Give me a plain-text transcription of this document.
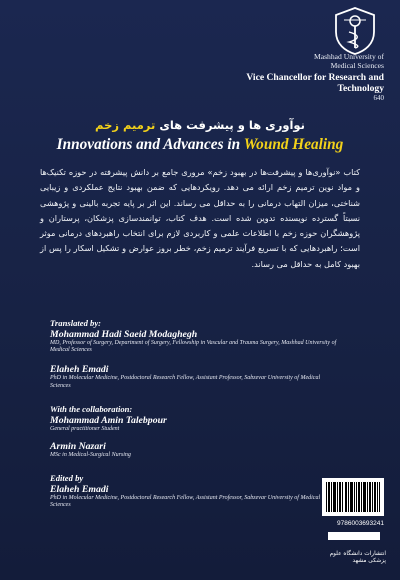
Mashhad University of
Medical Sciences
Vice Chancellor for Research and Technology
640
نوآوری ها و پیشرفت های ترمیم زخم
Innovations and Advances in Wound Healing
کتاب «نوآوری‌ها و پیشرفت‌ها در بهبود زخم» مروری جامع بر دانش پیشرفته در حوزه تکنیک‌ها و مواد نوین ترمیم زخم ارائه می دهد. رویکردهایی که ضمن بهبود نتایج عملکردی و زیبایی شناختی، میزان التهاب درمانی را به حداقل می رساند. این اثر بر پایه تجربه بالینی و پژوهشی نسبتاً گسترده نویسنده تدوین شده است. هدف کتاب، توانمندسازی پزشکان، پرستاران و پژوهشگران حوزه زخم با اطلاعات علمی و کاربردی لازم برای انتخاب راهبردهای درمانی موثر است؛ راهبردهایی که با تسریع فرآیند ترمیم زخم، خطر بروز عوارض و تشکیل اسکار را پس از بهبود کامل به حداقل می رساند.
Translated by:
Mohammad Hadi Saeid Modaghegh
MD, Professor of Surgery, Department of Surgery, Fellowship in Vascular and Trauma Surgery, Mashhad University of Medical Sciences
Elaheh Emadi
PhD in Molecular Medicine, Postdoctoral Research Fellow, Assistant Professor, Sabzevar University of Medical Sciences
With the collaboration:
Mohammad Amin Talebpour
General practitioner Student
Armin Nazari
MSc in Medical-Surgical Nursing
Edited by
Elaheh Emadi
PhD in Molecular Medicine, Postdoctoral Research Fellow, Assistant Professor, Sabzevar University of Medical Sciences
9786003693241
انتشارات دانشگاه علوم پزشکی مشهد
